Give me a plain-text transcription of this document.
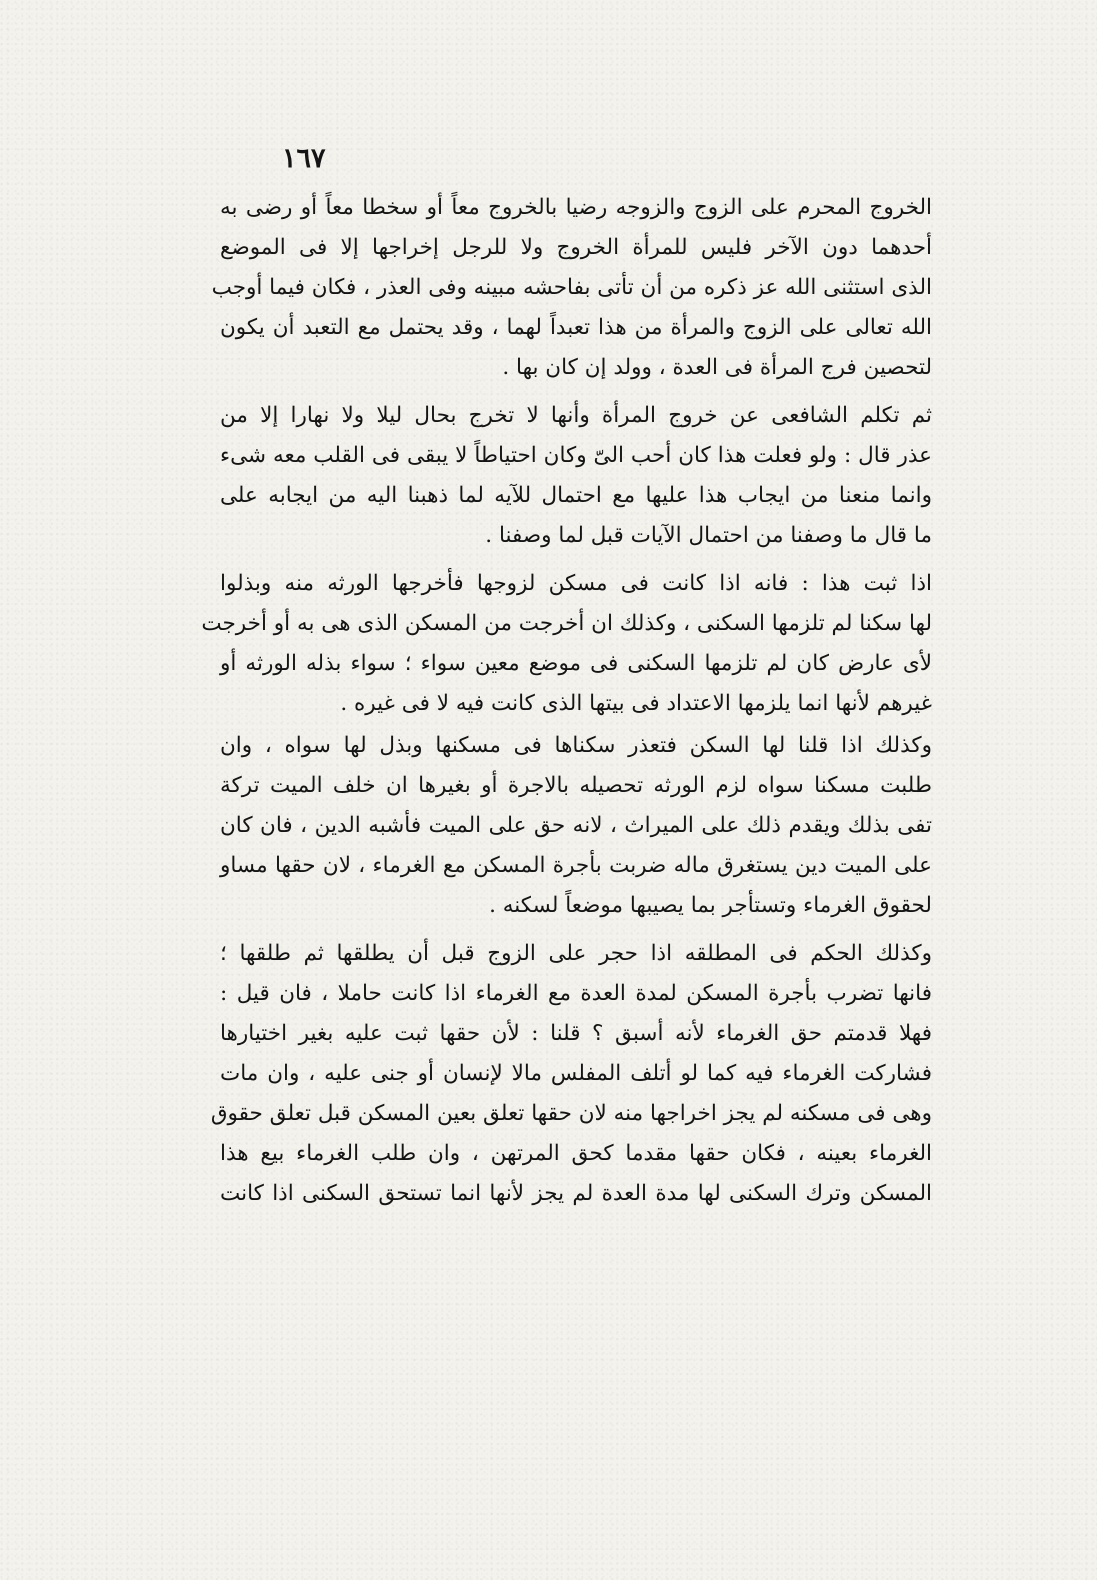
١٦٧
الخروج المحرم على الزوج والزوجه رضيا بالخروج معاً أو سخطا معاً أو رضى به
أحدهما دون الآخر فليس للمرأة الخروج ولا للرجل إخراجها إلا فى الموضع
الذى استثنى الله عز ذكره من أن تأتى بفاحشه مبينه وفى العذر ، فكان فيما أوجب
الله تعالى على الزوج والمرأة من هذا تعبداً لهما ، وقد يحتمل مع التعبد أن يكون
لتحصين فرج المرأة فى العدة ، وولد إن كان بها .
ثم تكلم الشافعى عن خروج المرأة وأنها لا تخرج بحال ليلا ولا نهارا إلا من
عذر قال : ولو فعلت هذا كان أحب الىّ وكان احتياطاً لا يبقى فى القلب معه شىء
وانما منعنا من ايجاب هذا عليها مع احتمال للآيه لما ذهبنا اليه من ايجابه على
ما قال ما وصفنا من احتمال الآيات قبل لما وصفنا .
اذا ثبت هذا : فانه اذا كانت فى مسكن لزوجها فأخرجها الورثه منه وبذلوا
لها سكنا لم تلزمها السكنى ، وكذلك ان أخرجت من المسكن الذى هى به أو أخرجت
لأى عارض كان لم تلزمها السكنى فى موضع معين سواء ؛ سواء بذله الورثه أو
غيرهم لأنها انما يلزمها الاعتداد فى بيتها الذى كانت فيه لا فى غيره .
وكذلك اذا قلنا لها السكن فتعذر سكناها فى مسكنها وبذل لها سواه ، وان
طلبت مسكنا سواه لزم الورثه تحصيله بالاجرة أو بغيرها ان خلف الميت تركة
تفى بذلك ويقدم ذلك على الميراث ، لانه حق على الميت فأشبه الدين ، فان كان
على الميت دين يستغرق ماله ضربت بأجرة المسكن مع الغرماء ، لان حقها مساو
لحقوق الغرماء وتستأجر بما يصيبها موضعاً لسكنه .
وكذلك الحكم فى المطلقه اذا حجر على الزوج قبل أن يطلقها ثم طلقها ؛
فانها تضرب بأجرة المسكن لمدة العدة مع الغرماء اذا كانت حاملا ، فان قيل :
فهلا قدمتم حق الغرماء لأنه أسبق ؟ قلنا : لأن حقها ثبت عليه بغير اختيارها
فشاركت الغرماء فيه كما لو أتلف المفلس مالا لإنسان أو جنى عليه ، وان مات
وهى فى مسكنه لم يجز اخراجها منه لان حقها تعلق بعين المسكن قبل تعلق حقوق
الغرماء بعينه ، فكان حقها مقدما كحق المرتهن ، وان طلب الغرماء بيع هذا
المسكن وترك السكنى لها مدة العدة لم يجز لأنها انما تستحق السكنى اذا كانت
